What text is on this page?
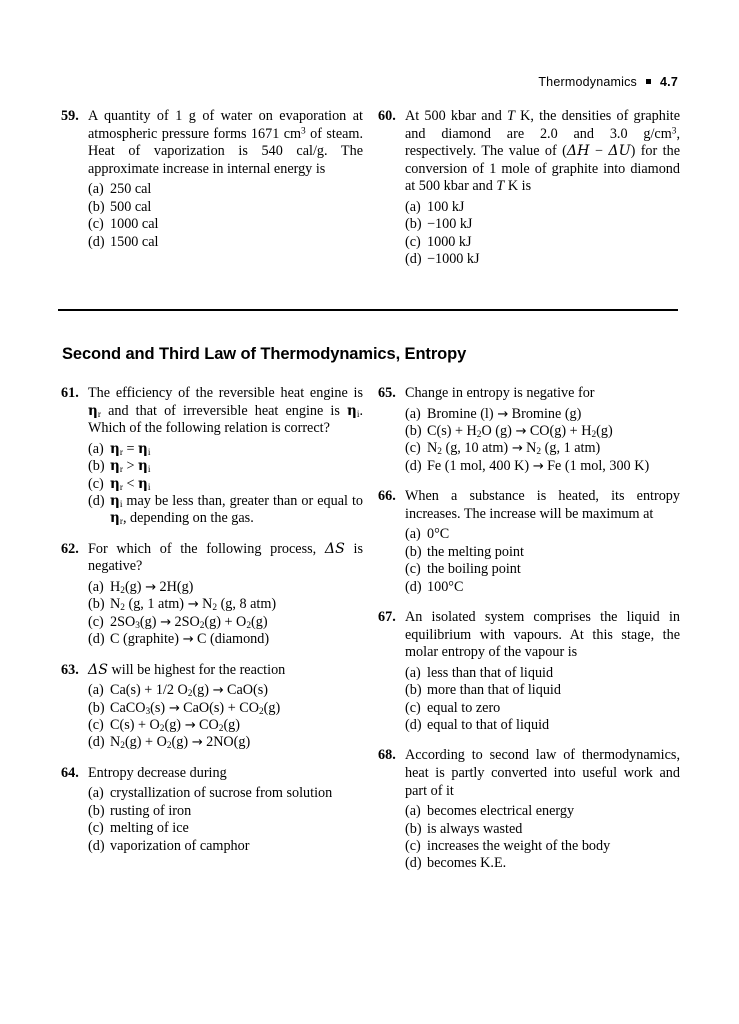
Thermodynamics 4.7
59. A quantity of 1 g of water on evaporation at atmospheric pressure forms 1671 $cm^3$ of steam. Heat of vaporization is 540 cal/g. The approximate increase in internal energy is

(a) 250 cal
(b) 500 cal
(c) 1000 cal
(d) 1500 cal
60. At 500 kbar and T K, the densities of graphite and diamond are 2.0 and 3.0 $g/cm^3$, respectively. The value of (ΔH − ΔU) for the conversion of 1 mole of graphite into diamond at 500 kbar and T K is

(a) 100 kJ
(b) −100 kJ
(c) 1000 kJ
(d) −1000 kJ
Second and Third Law of Thermodynamics, Entropy
61. The efficiency of the reversible heat engine is $\eta_r$ and that of irreversible heat engine is $\eta_i$. Which of the following relation is correct?

(a) $\eta_r = \eta_i$
(b) $\eta_r > \eta_i$
(c) $\eta_r < \eta_i$
(d) $\eta_i$ may be less than, greater than or equal to $\eta_r$, depending on the gas.
62. For which of the following process, ΔS is negative?

(a) $H_2(g) \to 2H(g)$
(b) $N_2$ (g, 1 $atm) \to N_2$ (g, 8 atm)
(c) $2SO_3(g) \to 2SO_2(g) + O_2(g)$
(d) C (graphite) → C (diamond)
63. ΔS will be highest for the reaction

(a) Ca(s) + 1/2 $O_2(g) \to CaO(s)$
(b) CaCO$_3$(s) → $CaO(s) + CO_2(g)$
(c) $C(s) + O_2(g) \to CO_2(g)$
(d) $N_2(g) + O_2(g) \to 2NO(g)$
64. Entropy decrease during

(a) crystallization of sucrose from solution
(b) rusting of iron
(c) melting of ice
(d) vaporization of camphor
65. Change in entropy is negative for

(a) Bromine (l) → Bromine (g)
(b) $C(s) + H_2O$ $(g) \to CO(g) + H_2(g)$
(c) $N_2$ (g, 10 $atm) \to N_2$ (g, 1 atm)
(d) Fe (1 mol, 400 K) → Fe (1 mol, 300 K)
66. When a substance is heated, its entropy increases. The increase will be maximum at

(a) 0°C
(b) the melting point
(c) the boiling point
(d) 100°C
67. An isolated system comprises the liquid in equilibrium with vapours. At this stage, the molar entropy of the vapour is

(a) less than that of liquid
(b) more than that of liquid
(c) equal to zero
(d) equal to that of liquid
68. According to second law of thermodynamics, heat is partly converted into useful work and part of it

(a) becomes electrical energy
(b) is always wasted
(c) increases the weight of the body
(d) becomes K.E.
